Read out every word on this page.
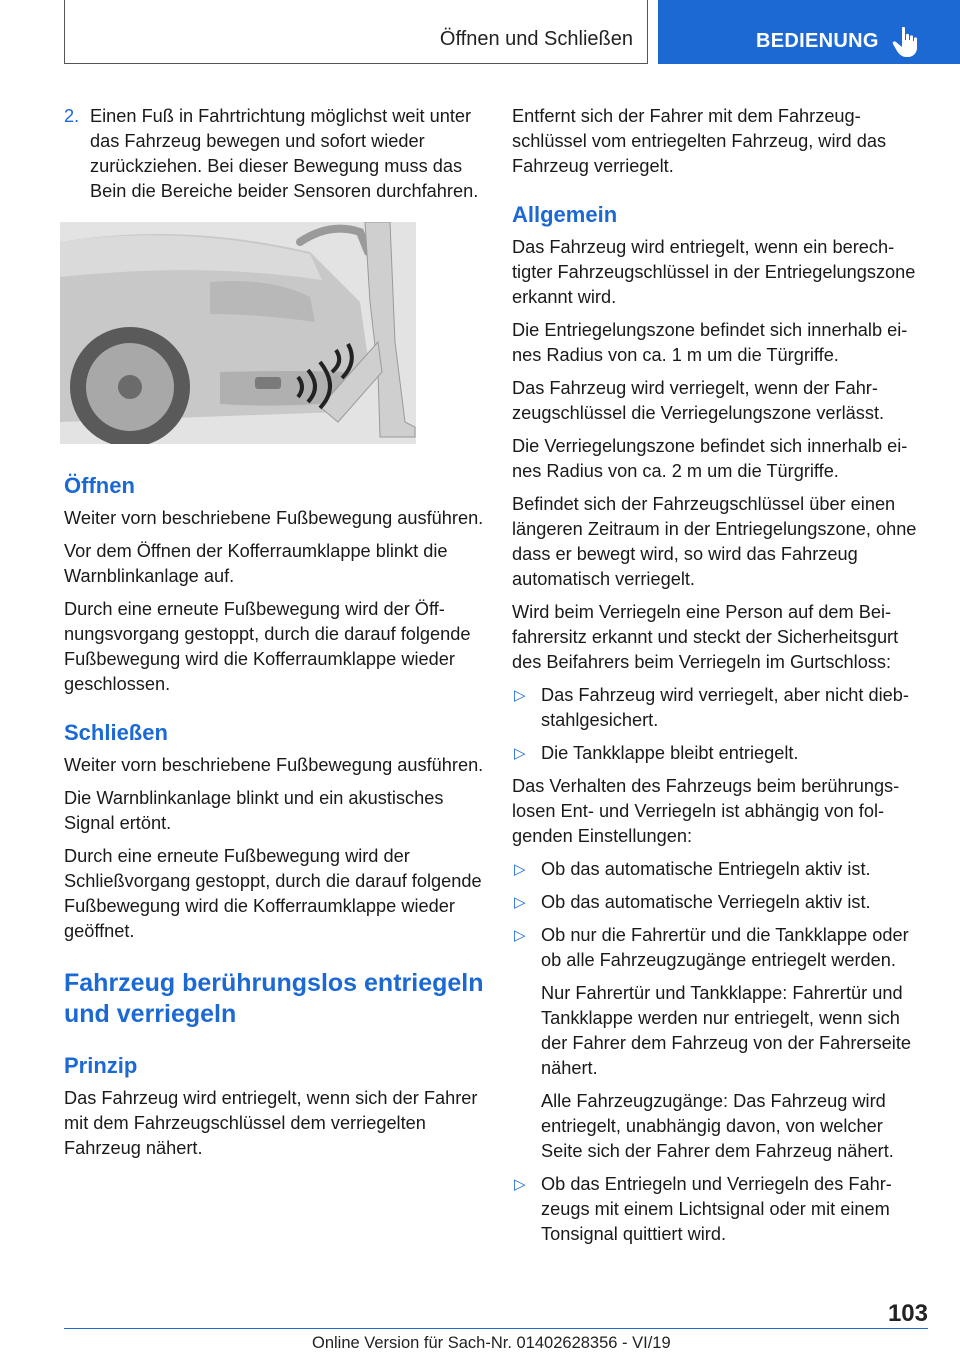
Öffnen und Schließen	BEDIENUNG
2. Einen Fuß in Fahrtrichtung möglichst weit unter das Fahrzeug bewegen und sofort wieder zurückziehen. Bei dieser Bewegung muss das Bein die Bereiche beider Sensoren durchfahren.
Öffnen

Weiter vorn beschriebene Fußbewegung ausführen.

Vor dem Öffnen der Kofferraumklappe blinkt die Warnblinkanlage auf.

Durch eine erneute Fußbewegung wird der Öffnungsvorgang gestoppt, durch die darauf folgende Fußbewegung wird die Kofferraumklappe wieder geschlossen.

Schließen

Weiter vorn beschriebene Fußbewegung ausführen.

Die Warnblinkanlage blinkt und ein akustisches Signal ertönt.

Durch eine erneute Fußbewegung wird der Schließvorgang gestoppt, durch die darauf folgende Fußbewegung wird die Kofferraumklappe wieder geöffnet.

Fahrzeug berührungslos entriegeln und verriegeln
Prinzip

Das Fahrzeug wird entriegelt, wenn sich der Fahrer mit dem Fahrzeugschlüssel dem verriegelten Fahrzeug nähert.

Entfernt sich der Fahrer mit dem Fahrzeugschlüssel vom entriegelten Fahrzeug, wird das Fahrzeug verriegelt.

Allgemein

Das Fahrzeug wird entriegelt, wenn ein berechtigter Fahrzeugschlüssel in der Entriegelungszone erkannt wird.

Die Entriegelungszone befindet sich innerhalb eines Radius von ca. 1 m um die Türgriffe.

Das Fahrzeug wird verriegelt, wenn der Fahrzeugschlüssel die Verriegelungszone verlässt.

Die Verriegelungszone befindet sich innerhalb eines Radius von ca. 2 m um die Türgriffe.

Befindet sich der Fahrzeugschlüssel über einen längeren Zeitraum in der Entriegelungszone, ohne dass er bewegt wird, so wird das Fahrzeug automatisch verriegelt.

Wird beim Verriegeln eine Person auf dem Beifahrersitz erkannt und steckt der Sicherheitsgurt des Beifahrers beim Verriegeln im Gurtschloss:

▷ Das Fahrzeug wird verriegelt, aber nicht diebstahlgesichert.
▷ Die Tankklappe bleibt entriegelt.

Das Verhalten des Fahrzeugs beim berührungslosen Ent- und Verriegeln ist abhängig von folgenden Einstellungen:

▷ Ob das automatische Entriegeln aktiv ist.
▷ Ob das automatische Verriegeln aktiv ist.
▷ Ob nur die Fahrertür und die Tankklappe oder ob alle Fahrzeugzugänge entriegelt werden.
Nur Fahrertür und Tankklappe: Fahrertür und Tankklappe werden nur entriegelt, wenn sich der Fahrer dem Fahrzeug von der Fahrerseite nähert.
Alle Fahrzeugzugänge: Das Fahrzeug wird entriegelt, unabhängig davon, von welcher Seite sich der Fahrer dem Fahrzeug nähert.
▷ Ob das Entriegeln und Verriegeln des Fahrzeugs mit einem Lichtsignal oder mit einem Tonsignal quittiert wird.
103
Online Version für Sach-Nr. 01402628356 - VI/19
